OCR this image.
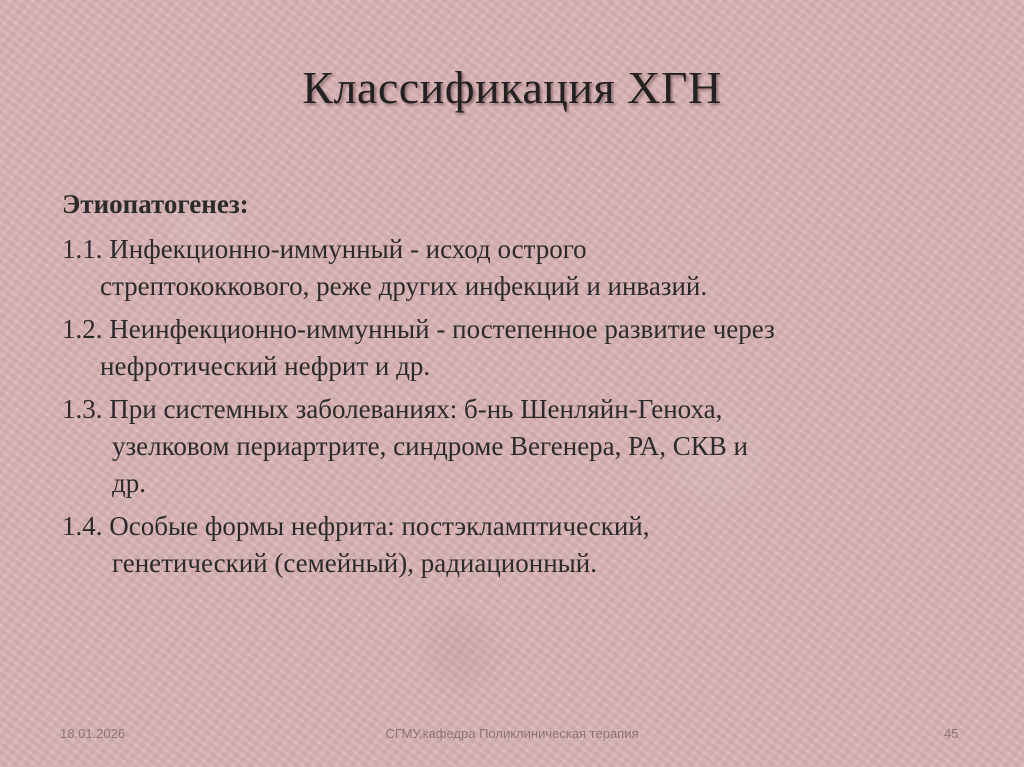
Классификация ХГН
Этиопатогенез:
1.1. Инфекционно-иммунный - исход острого
стрептококкового, реже других инфекций и инвазий.
1.2. Неинфекционно-иммунный - постепенное развитие через
нефротический нефрит и др.
1.3. При системных заболеваниях: б-нь Шенляйн-Геноха,
узелковом периартрите, синдроме Вегенера, РА, СКВ и
др.
1.4. Особые формы нефрита: постэкламптический,
генетический (семейный), радиационный.
18.01.2026	СГМУ,кафедра Поликлиническая терапия	45
